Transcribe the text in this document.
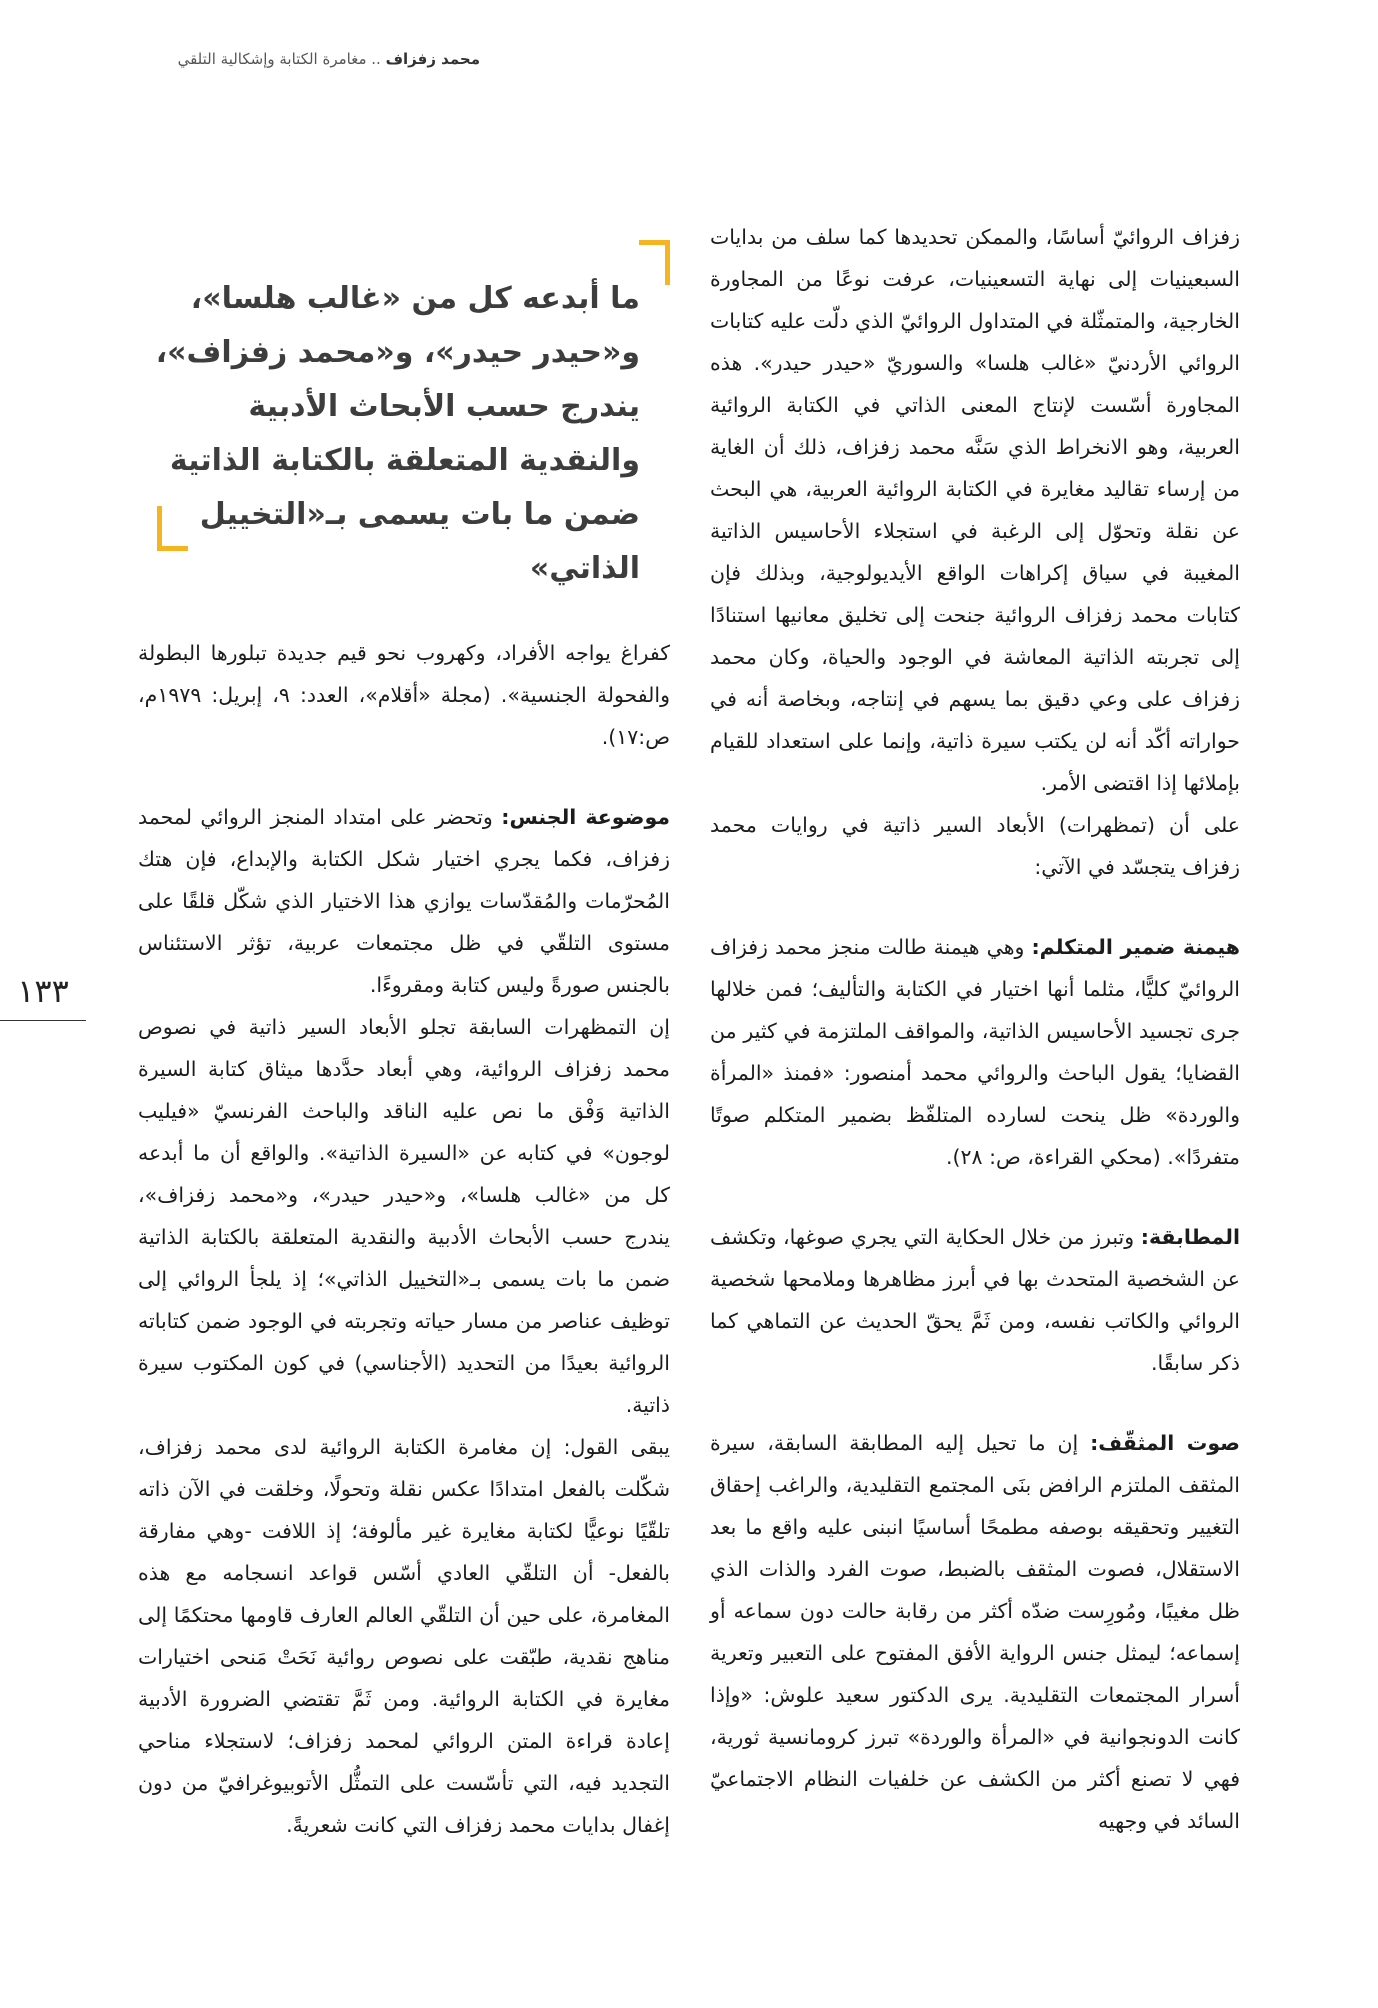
محمد زفزاف .. مغامرة الكتابة وإشكالية التلقي
ما أبدعه كل من «غالب هلسا»، و«حيدر حيدر»، و«محمد زفزاف»، يندرج حسب الأبحاث الأدبية والنقدية المتعلقة بالكتابة الذاتية ضمن ما بات يسمى بـ«التخييل الذاتي»

زفزاف الروائيّ أساسًا، والممكن تحديدها كما سلف من بدايات السبعينيات إلى نهاية التسعينيات، عرفت نوعًا من المجاورة الخارجية، والمتمثّلة في المتداول الروائيّ الذي دلّت عليه كتابات الروائي الأردنيّ «غالب هلسا» والسوريّ «حيدر حيدر». هذه المجاورة أسّست لإنتاج المعنى الذاتي في الكتابة الروائية العربية، وهو الانخراط الذي سَنَّه محمد زفزاف، ذلك أن الغاية من إرساء تقاليد مغايرة في الكتابة الروائية العربية، هي البحث عن نقلة وتحوّل إلى الرغبة في استجلاء الأحاسيس الذاتية المغيبة في سياق إكراهات الواقع الأيديولوجية، وبذلك فإن كتابات محمد زفزاف الروائية جنحت إلى تخليق معانيها استنادًا إلى تجربته الذاتية المعاشة في الوجود والحياة، وكان محمد زفزاف على وعي دقيق بما يسهم في إنتاجه، وبخاصة أنه في حواراته أكّد أنه لن يكتب سيرة ذاتية، وإنما على استعداد للقيام بإملائها إذا اقتضى الأمر.

على أن (تمظهرات) الأبعاد السير ذاتية في روايات محمد زفزاف يتجسّد في الآتي:

هيمنة ضمير المتكلم: وهي هيمنة طالت منجز محمد زفزاف الروائيّ كليًّا، مثلما أنها اختيار في الكتابة والتأليف؛ فمن خلالها جرى تجسيد الأحاسيس الذاتية، والمواقف الملتزمة في كثير من القضايا؛ يقول الباحث والروائي محمد أمنصور: «فمنذ «المرأة والوردة» ظل ينحت لسارده المتلفّظ بضمير المتكلم صوتًا متفردًا». (محكي القراءة، ص: ٢٨).

المطابقة: وتبرز من خلال الحكاية التي يجري صوغها، وتكشف عن الشخصية المتحدث بها في أبرز مظاهرها وملامحها شخصية الروائي والكاتب نفسه، ومن ثَمَّ يحقّ الحديث عن التماهي كما ذكر سابقًا.

صوت المثقّف: إن ما تحيل إليه المطابقة السابقة، سيرة المثقف الملتزم الرافض بنَى المجتمع التقليدية، والراغب إحقاق التغيير وتحقيقه بوصفه مطمحًا أساسيًا انبنى عليه واقع ما بعد الاستقلال، فصوت المثقف بالضبط، صوت الفرد والذات الذي ظل مغيبًا، ومُورِست ضدّه أكثر من رقابة حالت دون سماعه أو إسماعه؛ ليمثل جنس الرواية الأفق المفتوح على التعبير وتعرية أسرار المجتمعات التقليدية. يرى الدكتور سعيد علوش: «وإذا كانت الدونجوانية في «المرأة والوردة» تبرز كرومانسية ثورية، فهي لا تصنع أكثر من الكشف عن خلفيات النظام الاجتماعيّ السائد في وجهيه

كفراغ يواجه الأفراد، وكهروب نحو قيم جديدة تبلورها البطولة والفحولة الجنسية». (مجلة «أقلام»، العدد: ٩، إبريل: ١٩٧٩م، ص:١٧).

موضوعة الجنس: وتحضر على امتداد المنجز الروائي لمحمد زفزاف، فكما يجري اختيار شكل الكتابة والإبداع، فإن هتك المُحرّمات والمُقدّسات يوازي هذا الاختيار الذي شكّل قلقًا على مستوى التلقّي في ظل مجتمعات عربية، تؤثر الاستئناس بالجنس صورةً وليس كتابة ومقروءًا.

إن التمظهرات السابقة تجلو الأبعاد السير ذاتية في نصوص محمد زفزاف الروائية، وهي أبعاد حدَّدها ميثاق كتابة السيرة الذاتية وَفْق ما نص عليه الناقد والباحث الفرنسيّ «فيليب لوجون» في كتابه عن «السيرة الذاتية». والواقع أن ما أبدعه كل من «غالب هلسا»، و«حيدر حيدر»، و«محمد زفزاف»، يندرج حسب الأبحاث الأدبية والنقدية المتعلقة بالكتابة الذاتية ضمن ما بات يسمى بـ«التخييل الذاتي»؛ إذ يلجأ الروائي إلى توظيف عناصر من مسار حياته وتجربته في الوجود ضمن كتاباته الروائية بعيدًا من التحديد (الأجناسي) في كون المكتوب سيرة ذاتية.

يبقى القول: إن مغامرة الكتابة الروائية لدى محمد زفزاف، شكّلت بالفعل امتدادًا عكس نقلة وتحولًا، وخلقت في الآن ذاته تلقّيًا نوعيًّا لكتابة مغايرة غير مألوفة؛ إذ اللافت -وهي مفارقة بالفعل- أن التلقّي العادي أسّس قواعد انسجامه مع هذه المغامرة، على حين أن التلقّي العالم العارف قاومها محتكمًا إلى مناهج نقدية، طبّقت على نصوص روائية نَحَتْ مَنحى اختيارات مغايرة في الكتابة الروائية. ومن ثَمَّ تقتضي الضرورة الأدبية إعادة قراءة المتن الروائي لمحمد زفزاف؛ لاستجلاء مناحي التجديد فيه، التي تأسّست على التمثُّل الأتوبيوغرافيّ من دون إغفال بدايات محمد زفزاف التي كانت شعريةً.

١٣٣
